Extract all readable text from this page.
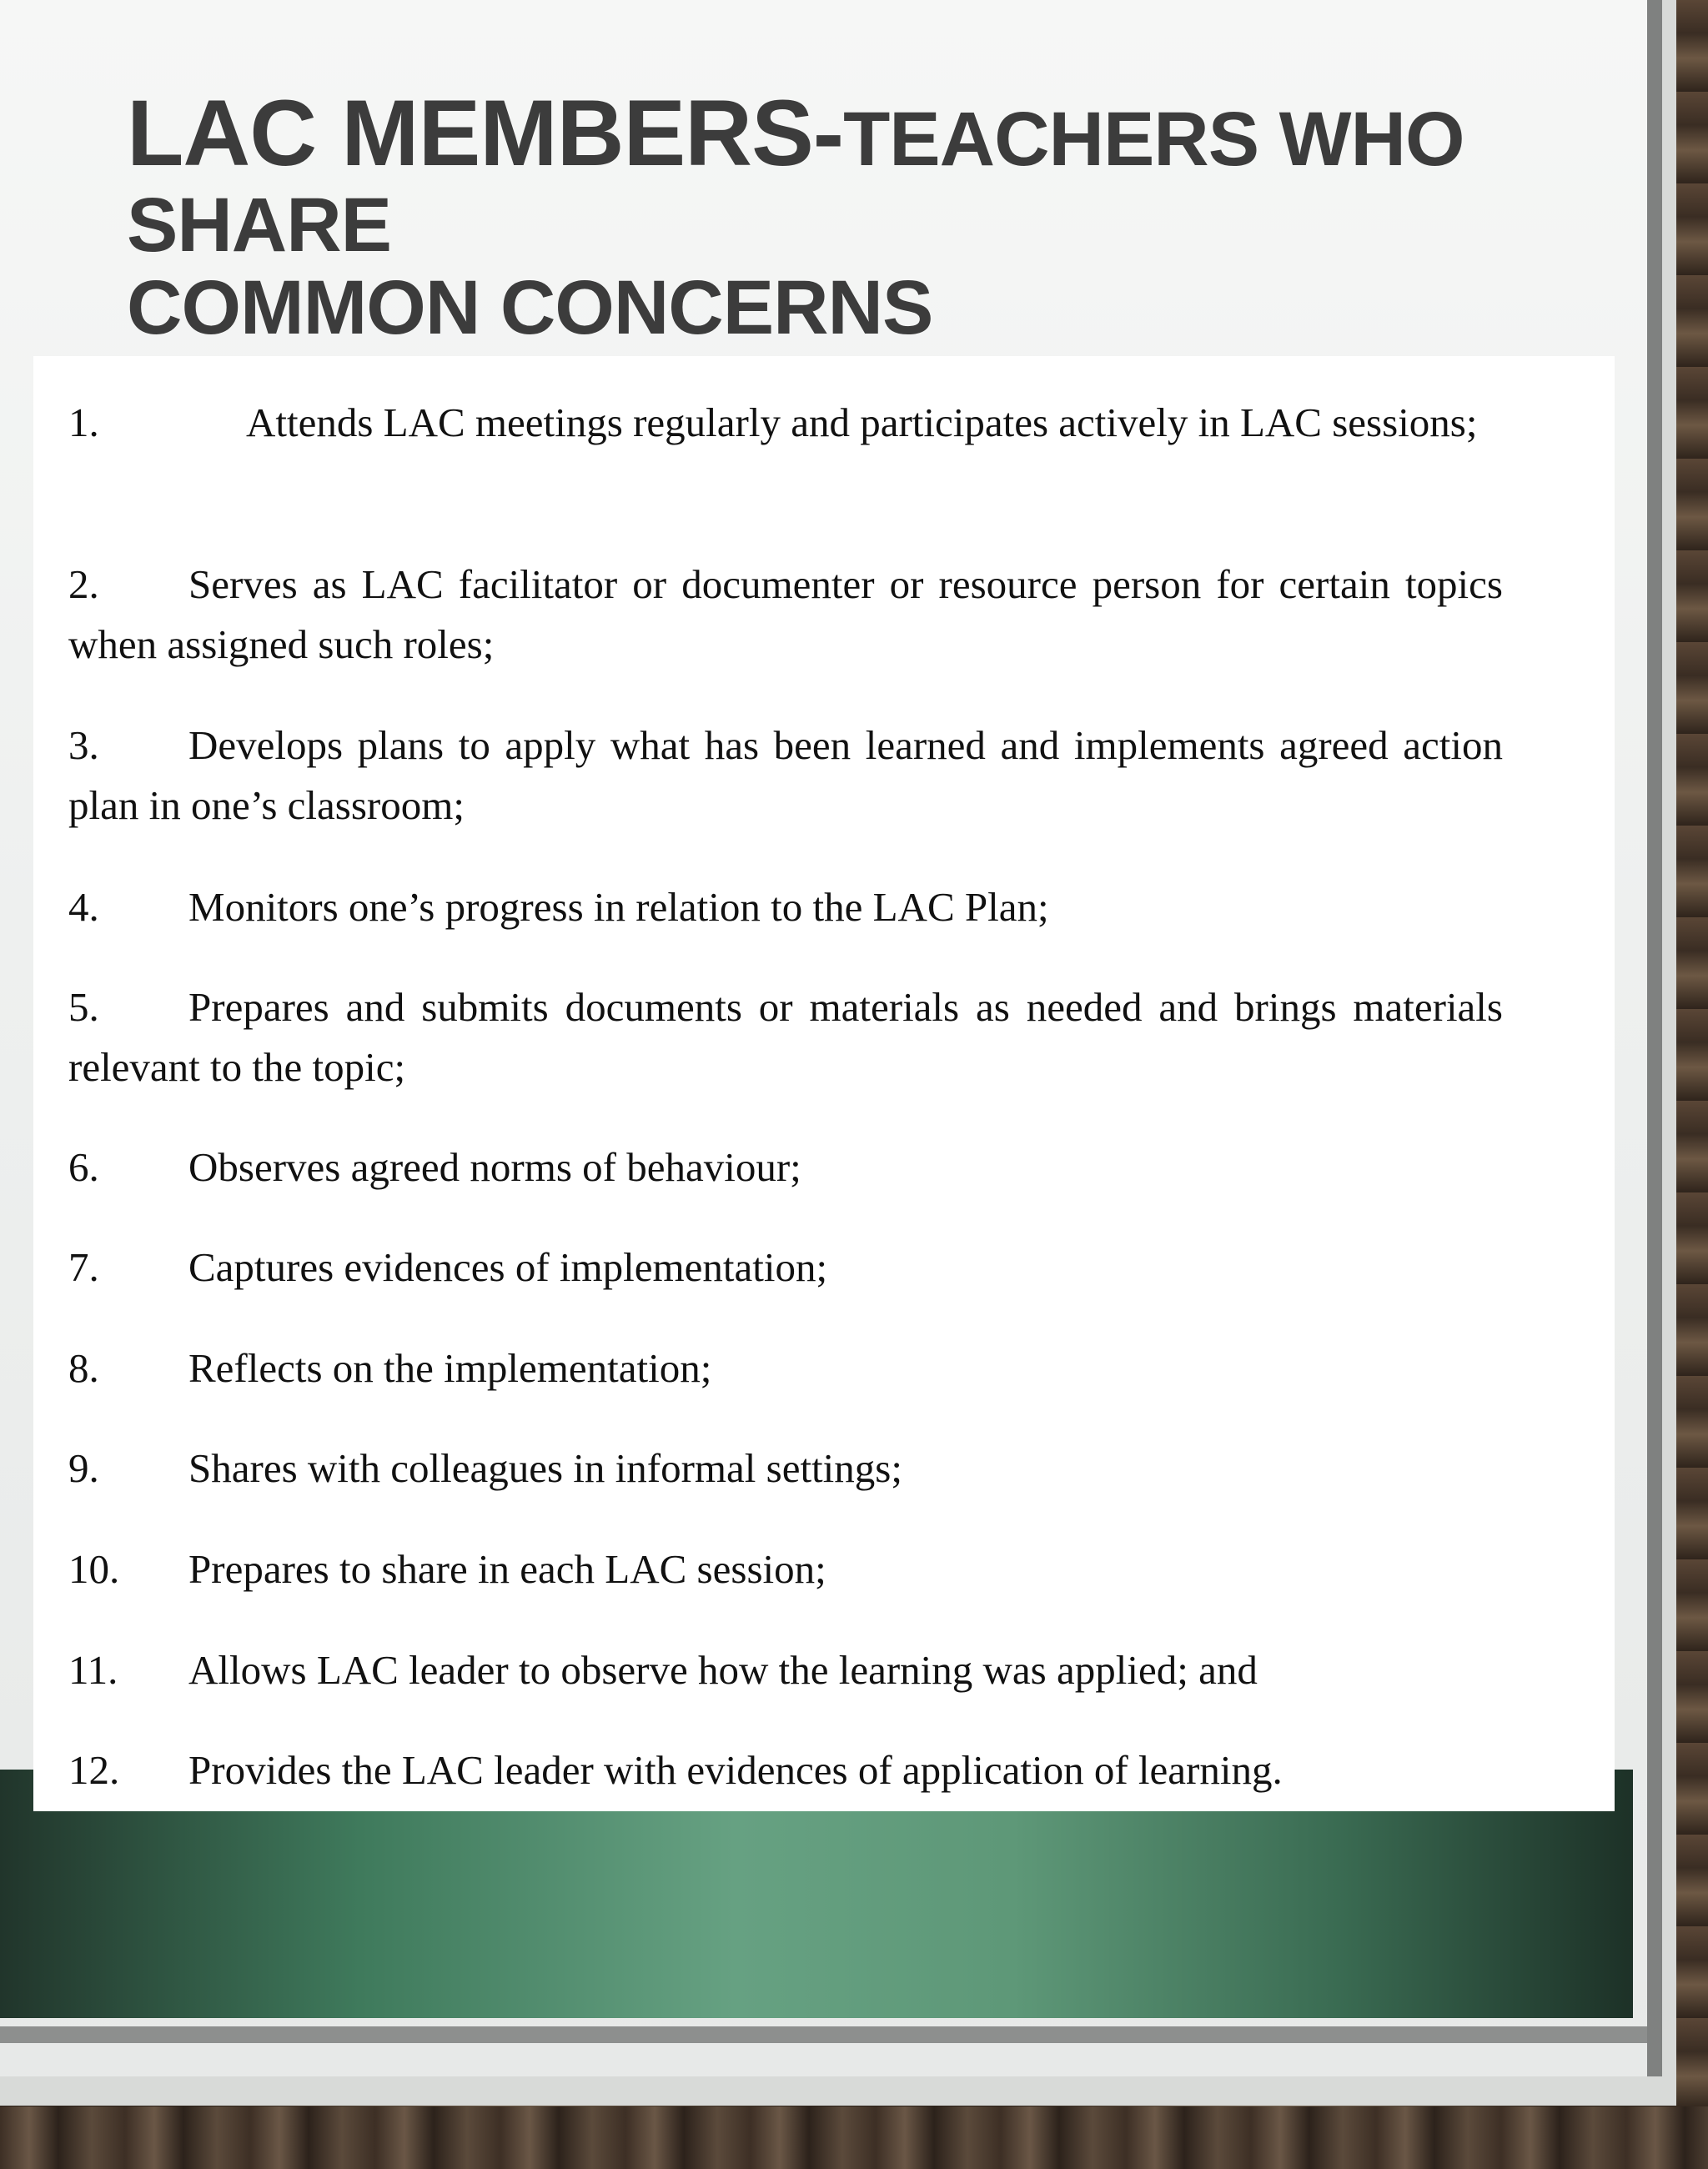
LAC MEMBERS-TEACHERS WHO SHARE
COMMON CONCERNS
1.	Attends LAC meetings regularly and participates actively in LAC sessions;
2. Serves as LAC facilitator or documenter or resource person for certain topics when assigned such roles;
3. Develops plans to apply what has been learned and implements agreed action plan in one’s classroom;
4. Monitors one’s progress in relation to the LAC Plan;
5. Prepares and submits documents or materials as needed and brings materials relevant to the topic;
6. Observes agreed norms of behaviour;
7. Captures evidences of implementation;
8. Reflects on the implementation;
9. Shares with colleagues in informal settings;
10. Prepares to share in each LAC session;
11. Allows LAC leader to observe how the learning was applied; and
12. Provides the LAC leader with evidences of application of learning.
